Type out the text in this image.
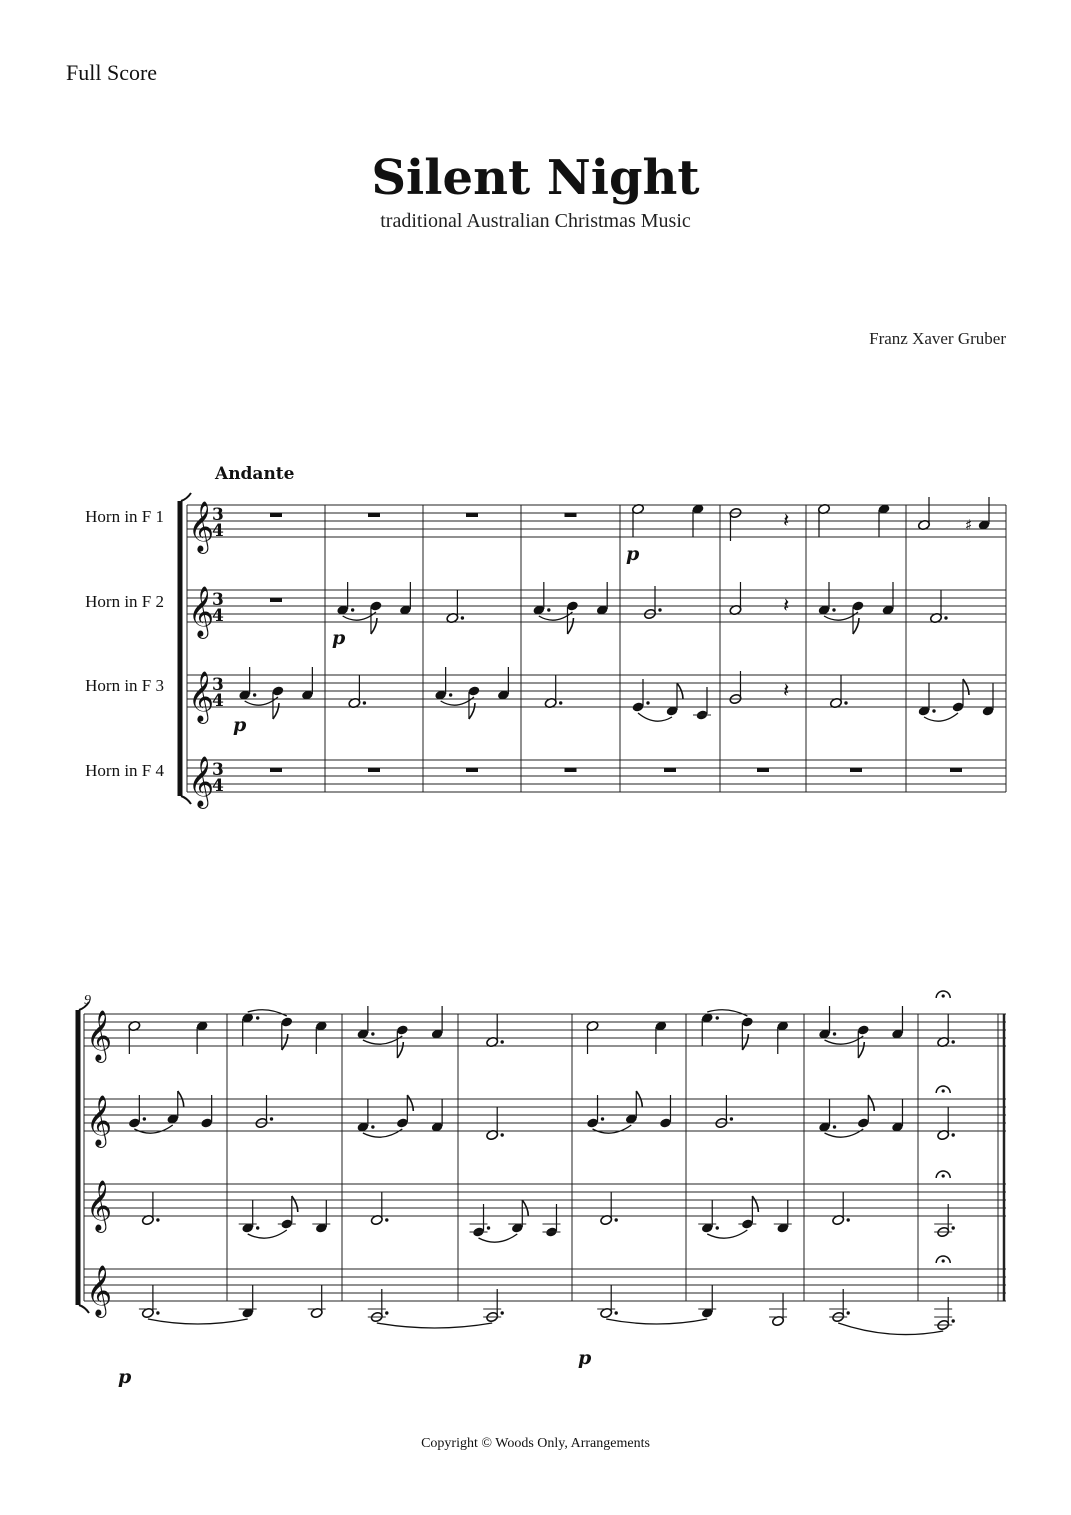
Full Score
Silent Night
traditional Australian Christmas Music
Franz Xaver Gruber
Andante
Horn in F 1
Horn in F 2
Horn in F 3
Horn in F 4
9
𝄞
3
4
𝄞
3
4
𝄞
3
4
𝄞
3
4
𝄽	♯
𝄽
𝄽
p
p
p
𝄞
𝄞
𝄞
𝄞
p
p
Copyright © Woods Only, Arrangements
